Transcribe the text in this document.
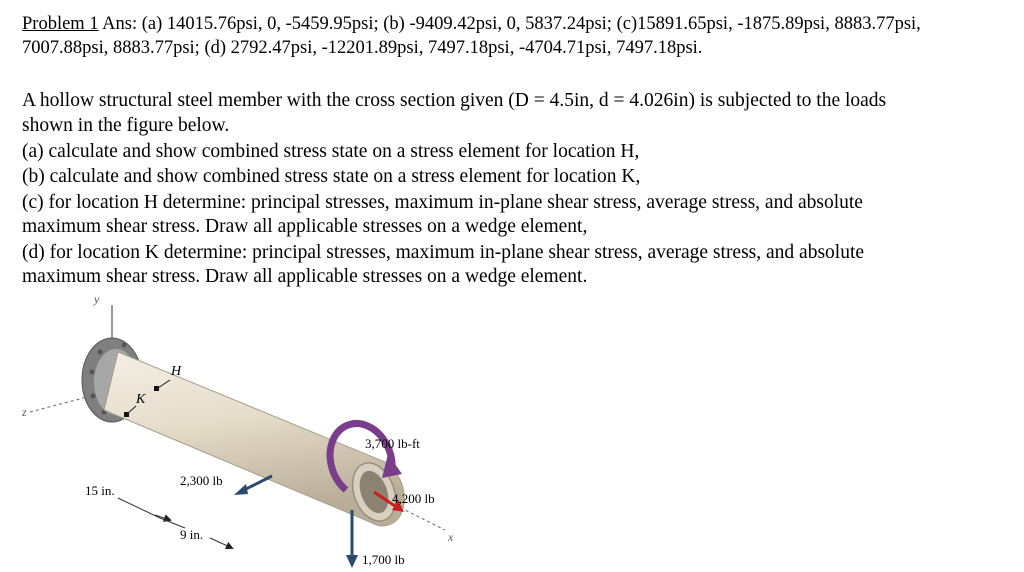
Problem 1 Ans: (a) 14015.76psi, 0, -5459.95psi; (b) -9409.42psi, 0, 5837.24psi; (c)15891.65psi, -1875.89psi, 8883.77psi,
7007.88psi, 8883.77psi; (d) 2792.47psi, -12201.89psi, 7497.18psi, -4704.71psi, 7497.18psi.
A hollow structural steel member with the cross section given (D = 4.5in, d = 4.026in) is subjected to the loads
shown in the figure below.
(a) calculate and show combined stress state on a stress element for location H,
(b) calculate and show combined stress state on a stress element for location K,
(c) for location H determine: principal stresses, maximum in-plane shear stress, average stress, and absolute
maximum shear stress. Draw all applicable stresses on a wedge element,
(d) for location K determine: principal stresses, maximum in-plane shear stress, average stress, and absolute
maximum shear stress. Draw all applicable stresses on a wedge element.
y
z
x
H
K
3,700 lb-ft
2,300 lb
4,200 lb
1,700 lb
15 in.
9 in.
